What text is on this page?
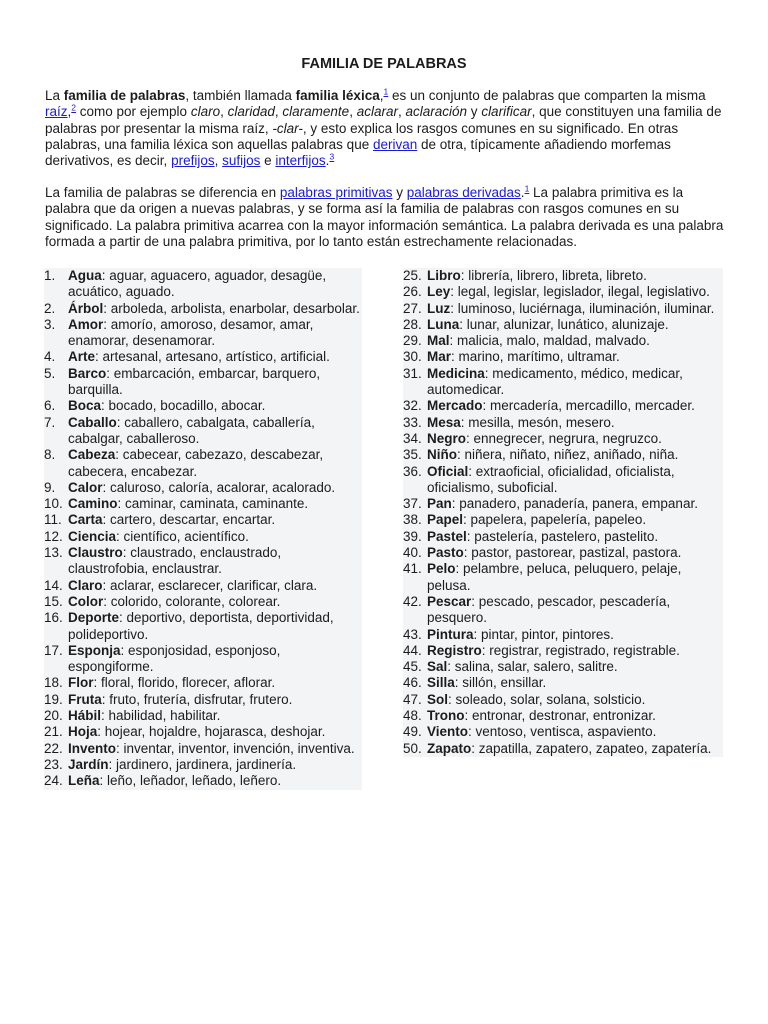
FAMILIA DE PALABRAS

La familia de palabras, también llamada familia léxica,$^1$ es un conjunto de palabras que comparten la misma raíz,$^2$ como por ejemplo claro, claridad, claramente, aclarar, aclaración y clarificar, que constituyen una familia de palabras por presentar la misma raíz, -clar-, y esto explica los rasgos comunes en su significado. En otras palabras, una familia léxica son aquellas palabras que derivan de otra, típicamente añadiendo morfemas derivativos, es decir, prefijos, sufijos e interfijos.$^3$

La familia de palabras se diferencia en palabras primitivas y palabras derivadas.$^1$ La palabra primitiva es la palabra que da origen a nuevas palabras, y se forma así la familia de palabras con rasgos comunes en su significado. La palabra primitiva acarrea con la mayor información semántica. La palabra derivada es una palabra formada a partir de una palabra primitiva, por lo tanto están estrechamente relacionadas.

1. Agua: aguar, aguacero, aguador, desagüe, acuático, aguado.
2. Árbol: arboleda, arbolista, enarbolar, desarbolar.
3. Amor: amorío, amoroso, desamor, amar, enamorar, desenamorar.
4. Arte: artesanal, artesano, artístico, artificial.
5. Barco: embarcación, embarcar, barquero, barquilla.
6. Boca: bocado, bocadillo, abocar.
7. Caballo: caballero, cabalgata, caballería, cabalgar, caballeroso.
8. Cabeza: cabecear, cabezazo, descabezar, cabecera, encabezar.
9. Calor: caluroso, caloría, acalorar, acalorado.
10. Camino: caminar, caminata, caminante.
11. Carta: cartero, descartar, encartar.
12. Ciencia: científico, acientífico.
13. Claustro: claustrado, enclaustrado, claustrofobia, enclaustrar.
14. Claro: aclarar, esclarecer, clarificar, clara.
15. Color: colorido, colorante, colorear.
16. Deporte: deportivo, deportista, deportividad, polideportivo.
17. Esponja: esponjosidad, esponjoso, espongiforme.
18. Flor: floral, florido, florecer, aflorar.
19. Fruta: fruto, frutería, disfrutar, frutero.
20. Hábil: habilidad, habilitar.
21. Hoja: hojear, hojaldre, hojarasca, deshojar.
22. Invento: inventar, inventor, invención, inventiva.
23. Jardín: jardinero, jardinera, jardinería.
24. Leña: leño, leñador, leñado, leñero.
25. Libro: librería, librero, libreta, libreto.
26. Ley: legal, legislar, legislador, ilegal, legislativo.
27. Luz: luminoso, luciérnaga, iluminación, iluminar.
28. Luna: lunar, alunizar, lunático, alunizaje.
29. Mal: malicia, malo, maldad, malvado.
30. Mar: marino, marítimo, ultramar.
31. Medicina: medicamento, médico, medicar, automedicar.
32. Mercado: mercadería, mercadillo, mercader.
33. Mesa: mesilla, mesón, mesero.
34. Negro: ennegrecer, negrura, negruzco.
35. Niño: niñera, niñato, niñez, aniñado, niña.
36. Oficial: extraoficial, oficialidad, oficialista, oficialismo, suboficial.
37. Pan: panadero, panadería, panera, empanar.
38. Papel: papelera, papelería, papeleo.
39. Pastel: pastelería, pastelero, pastelito.
40. Pasto: pastor, pastorear, pastizal, pastora.
41. Pelo: pelambre, peluca, peluquero, pelaje, pelusa.
42. Pescar: pescado, pescador, pescadería, pesquero.
43. Pintura: pintar, pintor, pintores.
44. Registro: registrar, registrado, registrable.
45. Sal: salina, salar, salero, salitre.
46. Silla: sillón, ensillar.
47. Sol: soleado, solar, solana, solsticio.
48. Trono: entronar, destronar, entronizar.
49. Viento: ventoso, ventisca, aspaviento.
50. Zapato: zapatilla, zapatero, zapateo, zapatería.
